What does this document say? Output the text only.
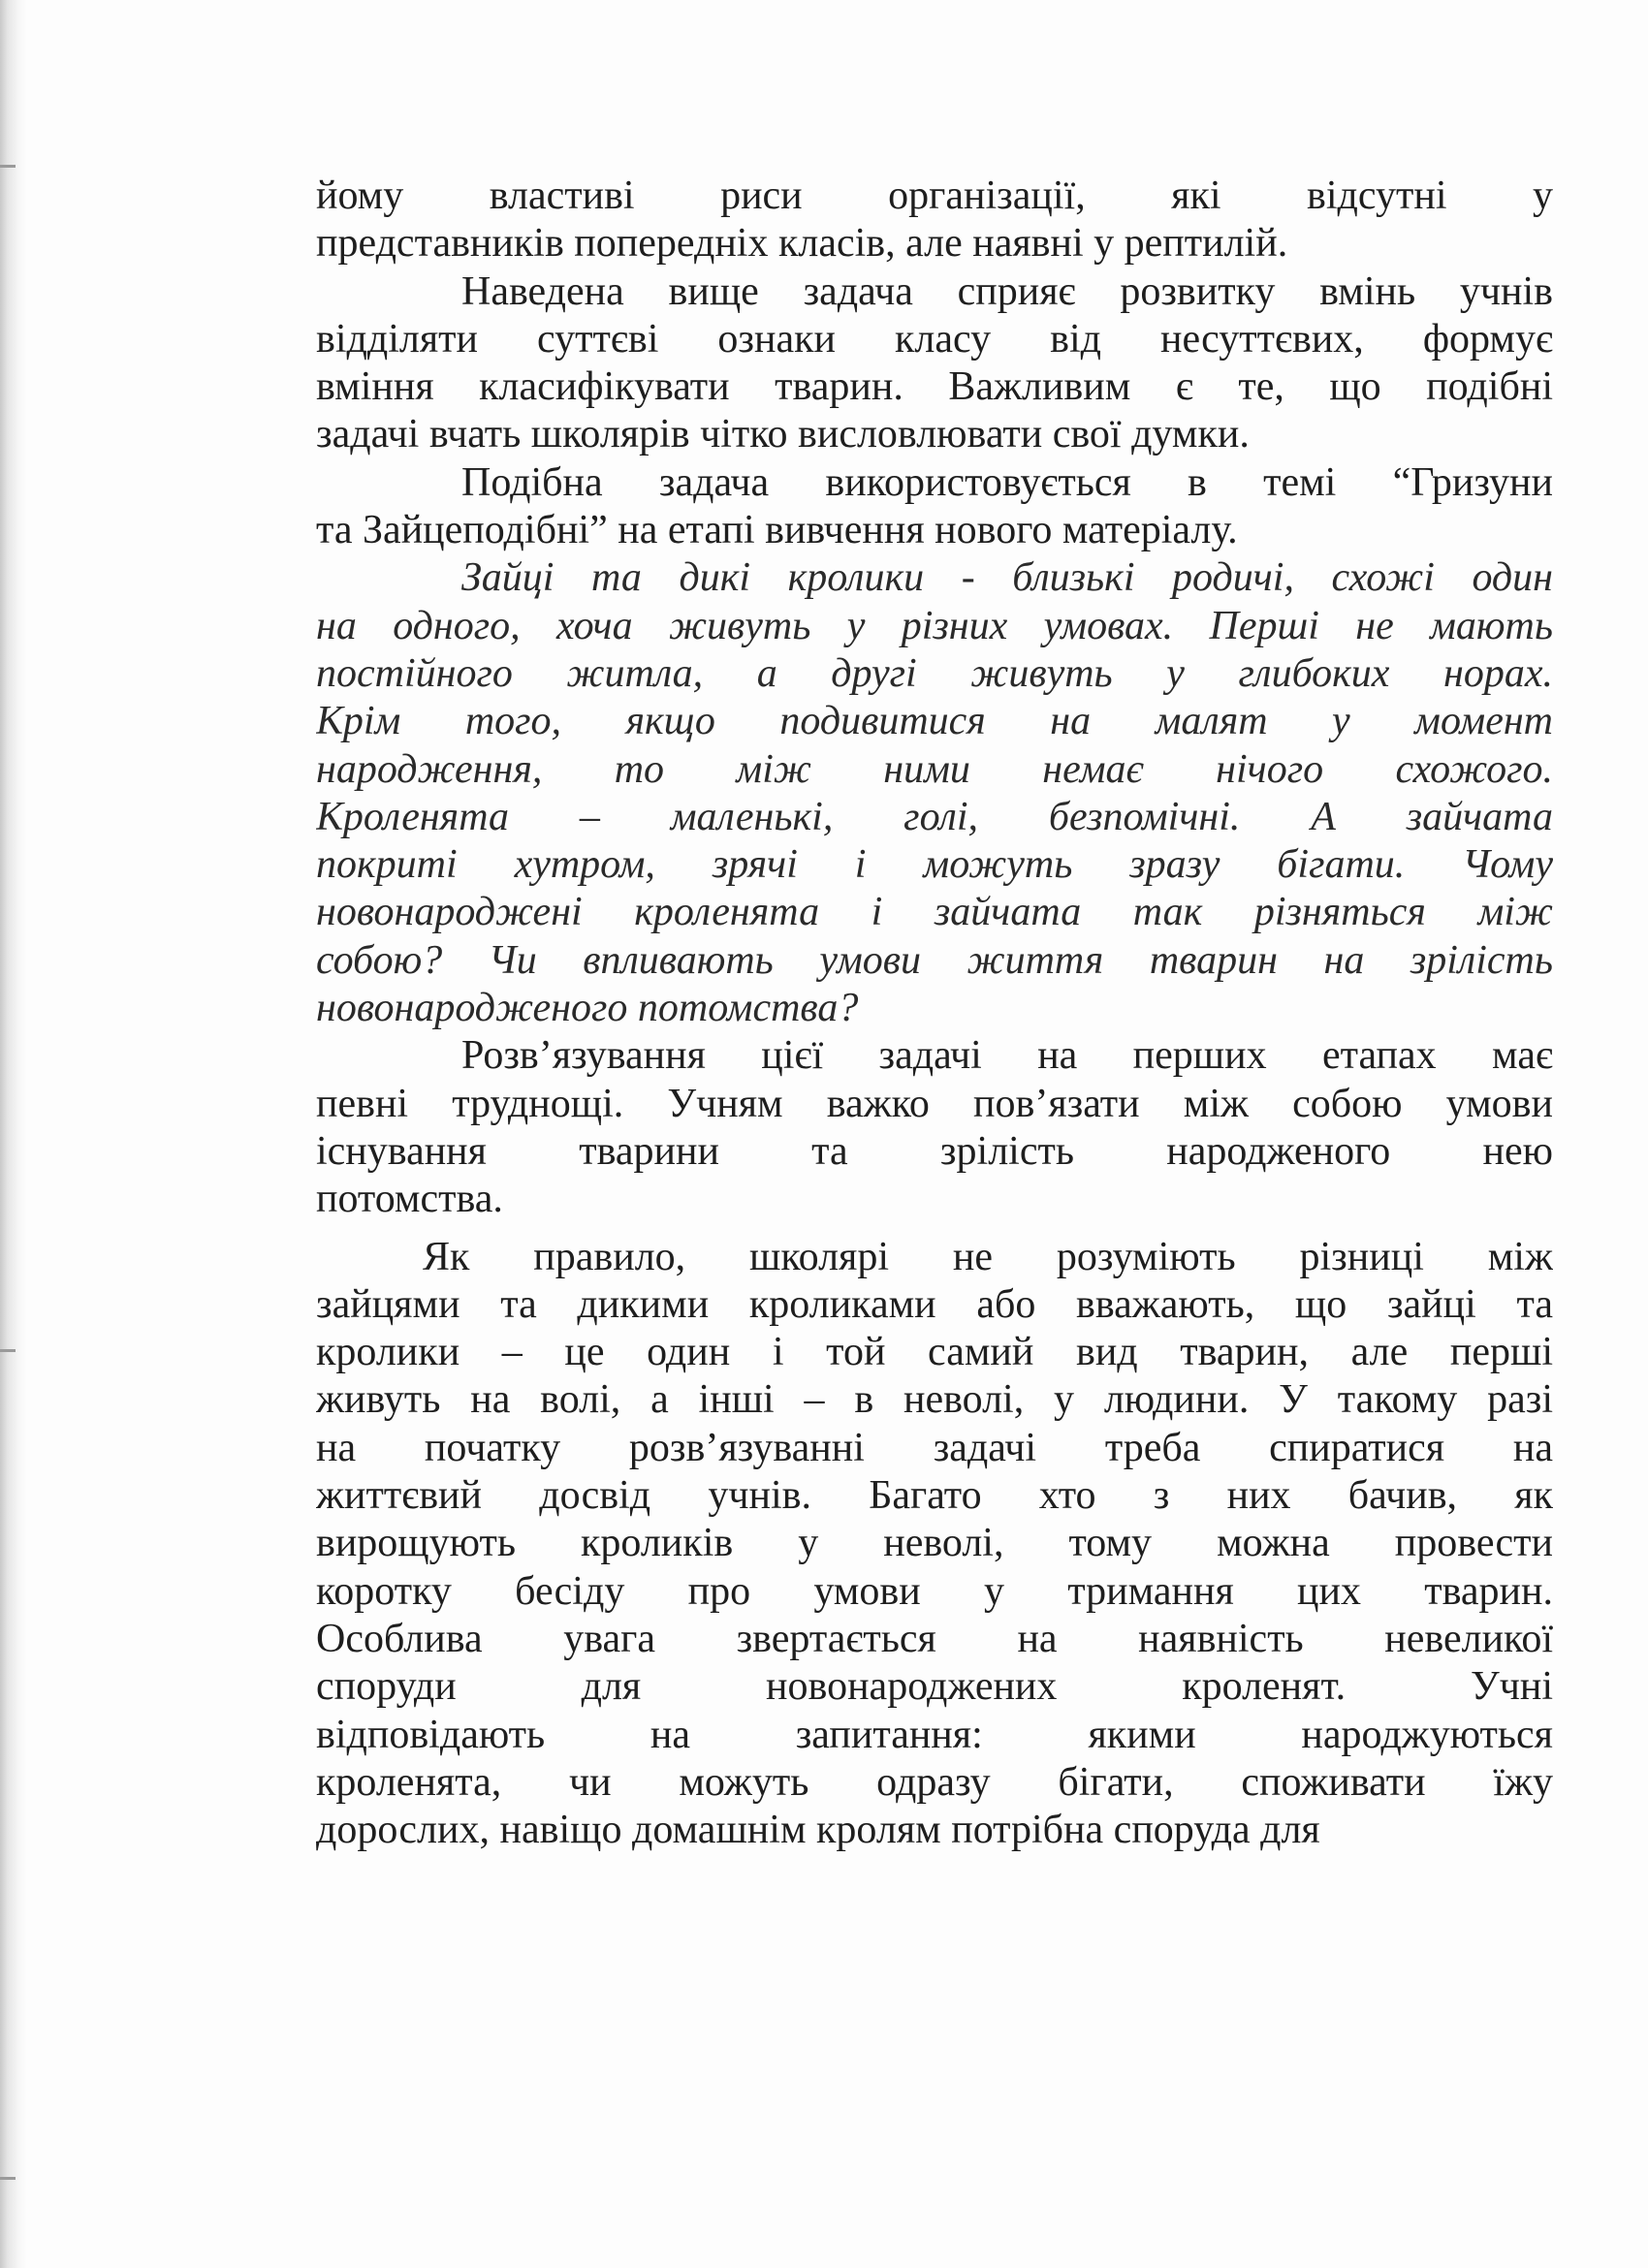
йому властиві риси організації, які відсутні у
представників попередніх класів, але наявні у рептилій.
Наведена вище задача сприяє розвитку вмінь учнів
відділяти суттєві ознаки класу від несуттєвих, формує
вміння класифікувати тварин. Важливим є те, що подібні
задачі вчать школярів чітко висловлювати свої думки.
Подібна задача використовується в темі “Гризуни
та Зайцеподібні” на етапі вивчення нового матеріалу.
Зайці та дикі кролики - близькі родичі, схожі один
на одного, хоча живуть у різних умовах. Перші не мають
постійного житла, а другі живуть у глибоких норах.
Крім того, якщо подивитися на малят у момент
народження, то між ними немає нічого схожого.
Кроленята – маленькі, голі, безпомічні. А зайчата
покриті хутром, зрячі і можуть зразу бігати. Чому
новонароджені кроленята і зайчата так різняться між
собою? Чи впливають умови життя тварин на зрілість
новонародженого потомства?
Розв’язування цієї задачі на перших етапах має
певні труднощі. Учням важко пов’язати між собою умови
існування тварини та зрілість народженого нею
потомства.
Як правило, школярі не розуміють різниці між
зайцями та дикими кроликами або вважають, що зайці та
кролики – це один і той самий вид тварин, але перші
живуть на волі, а інші – в неволі, у людини. У такому разі
на початку розв’язуванні задачі треба спиратися на
життєвий досвід учнів. Багато хто з них бачив, як
вирощують кроликів у неволі, тому можна провести
коротку бесіду про умови у тримання цих тварин.
Особлива увага звертається на наявність невеликої
споруди для новонароджених кроленят. Учні
відповідають на запитання: якими народжуються
кроленята, чи можуть одразу бігати, споживати їжу
дорослих, навіщо домашнім кролям потрібна споруда для
